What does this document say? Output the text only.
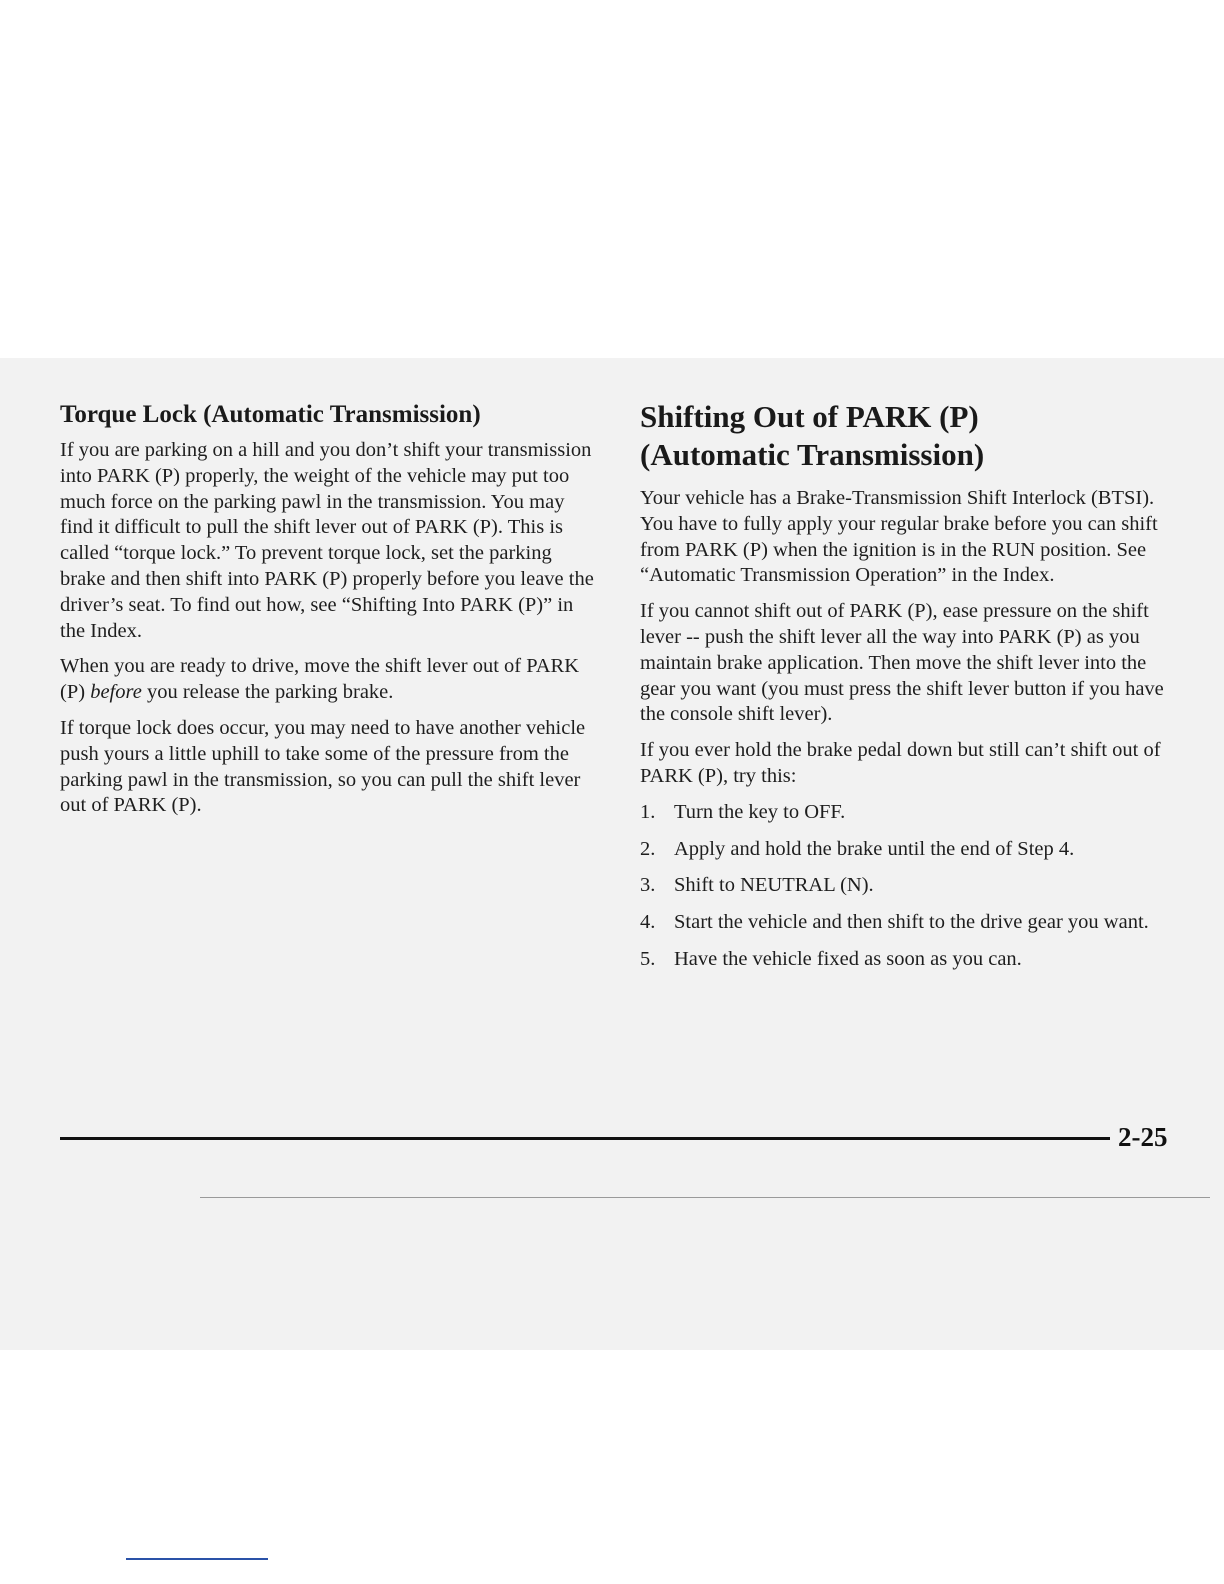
Torque Lock (Automatic Transmission)

If you are parking on a hill and you don’t shift your transmission into PARK (P) properly, the weight of the vehicle may put too much force on the parking pawl in the transmission. You may find it difficult to pull the shift lever out of PARK (P). This is called “torque lock.” To prevent torque lock, set the parking brake and then shift into PARK (P) properly before you leave the driver’s seat. To find out how, see “Shifting Into PARK (P)” in the Index.

When you are ready to drive, move the shift lever out of PARK (P) before you release the parking brake.

If torque lock does occur, you may need to have another vehicle push yours a little uphill to take some of the pressure from the parking pawl in the transmission, so you can pull the shift lever out of PARK (P).

Shifting Out of PARK (P)
(Automatic Transmission)

Your vehicle has a Brake-Transmission Shift Interlock (BTSI). You have to fully apply your regular brake before you can shift from PARK (P) when the ignition is in the RUN position. See “Automatic Transmission Operation” in the Index.

If you cannot shift out of PARK (P), ease pressure on the shift lever -- push the shift lever all the way into PARK (P) as you maintain brake application. Then move the shift lever into the gear you want (you must press the shift lever button if you have the console shift lever).

If you ever hold the brake pedal down but still can’t shift out of PARK (P), try this:

1. Turn the key to OFF.
2. Apply and hold the brake until the end of Step 4.
3. Shift to NEUTRAL (N).
4. Start the vehicle and then shift to the drive gear you want.
5. Have the vehicle fixed as soon as you can.
2-25
